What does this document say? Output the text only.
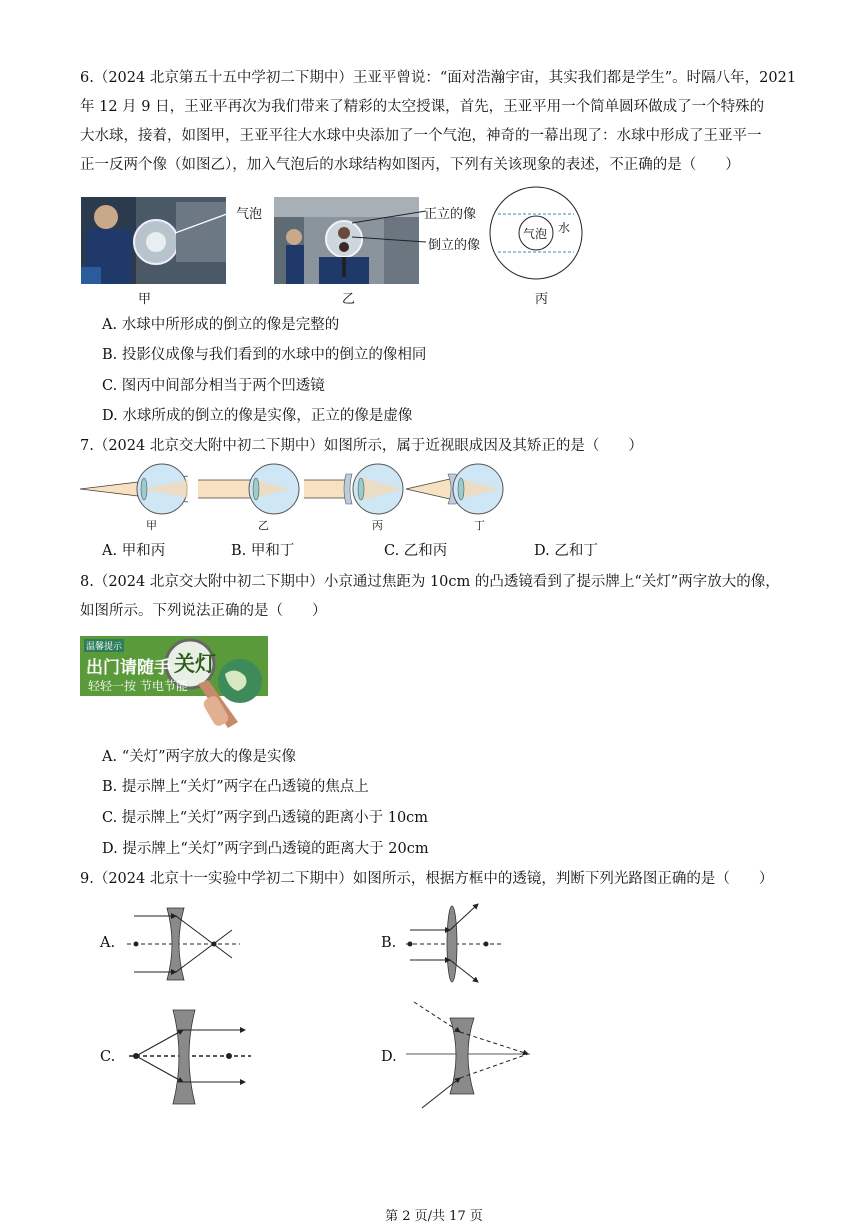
6.（2024 北京第五十五中学初二下期中）王亚平曾说：“面对浩瀚宇宙，其实我们都是学生”。时隔八年，2021
年 12 月 9 日，王亚平再次为我们带来了精彩的太空授课，首先，王亚平用一个简单圆环做成了一个特殊的
大水球，接着，如图甲，王亚平往大水球中央添加了一个气泡，神奇的一幕出现了：水球中形成了王亚平一
正一反两个像（如图乙），加入气泡后的水球结构如图丙，下列有关该现象的表述，不正确的是（　　）
气泡
甲
正立的像
倒立的像
乙
气泡 水
丙
A. 水球中所形成的倒立的像是完整的
B. 投影仪成像与我们看到的水球中的倒立的像相同
C. 图丙中间部分相当于两个凹透镜
D. 水球所成的倒立的像是实像，正立的像是虚像
7.（2024 北京交大附中初二下期中）如图所示，属于近视眼成因及其矫正的是（　　）
甲	乙	丙	丁
A. 甲和丙	B. 甲和丁	C. 乙和丙	D. 乙和丁
8.（2024 北京交大附中初二下期中）小京通过焦距为 10cm 的凸透镜看到了提示牌上“关灯”两字放大的像，
如图所示。下列说法正确的是（　　）
温馨提示
出门请随手 关灯
轻轻一按 节电节能
A. “关灯”两字放大的像是实像
B. 提示牌上“关灯”两字在凸透镜的焦点上
C. 提示牌上“关灯”两字到凸透镜的距离小于 10cm
D. 提示牌上“关灯”两字到凸透镜的距离大于 20cm
9.（2024 北京十一实验中学初二下期中）如图所示，根据方框中的透镜，判断下列光路图正确的是（　　）
A.	B.
C.	D.
第 2 页/共 17 页
